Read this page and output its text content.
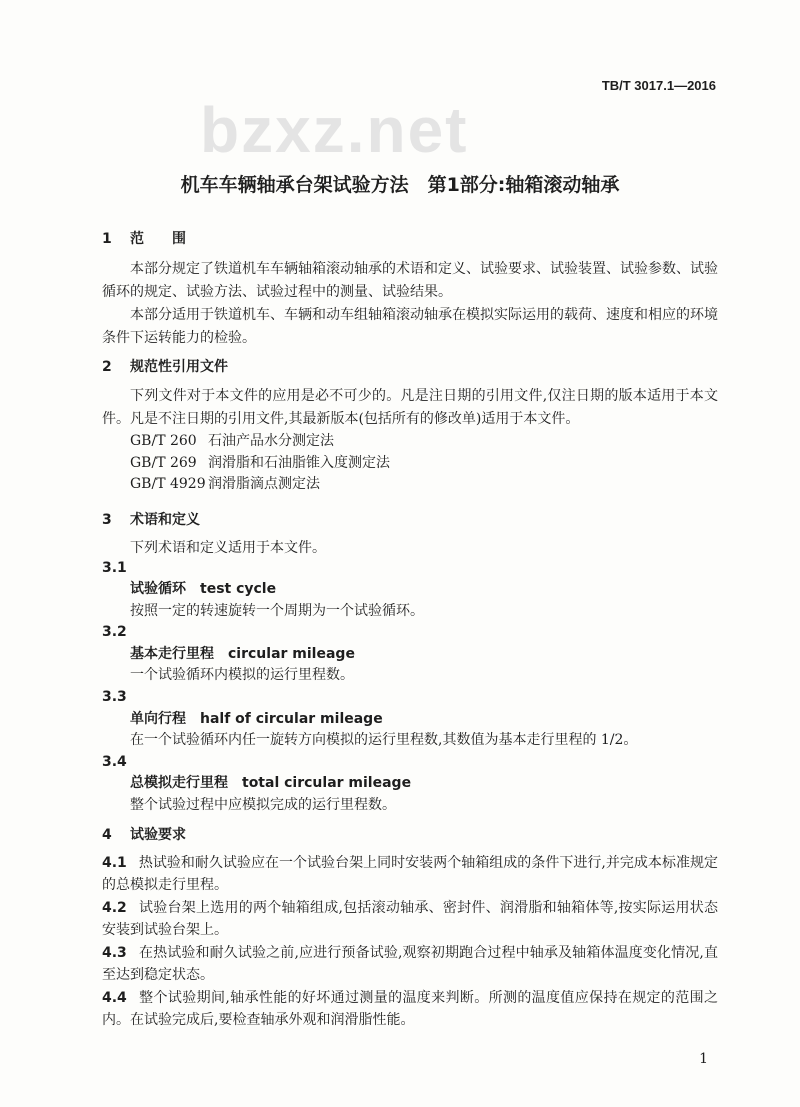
bzxz.net
TB/T 3017.1—2016
机车车辆轴承台架试验方法　第1部分:轴箱滚动轴承
1 范　　围
本部分规定了铁道机车车辆轴箱滚动轴承的术语和定义、试验要求、试验装置、试验参数、试验循环的规定、试验方法、试验过程中的测量、试验结果。
本部分适用于铁道机车、车辆和动车组轴箱滚动轴承在模拟实际运用的载荷、速度和相应的环境条件下运转能力的检验。
2 规范性引用文件
下列文件对于本文件的应用是必不可少的。凡是注日期的引用文件,仅注日期的版本适用于本文件。凡是不注日期的引用文件,其最新版本(包括所有的修改单)适用于本文件。
GB/T 260 石油产品水分测定法
GB/T 269 润滑脂和石油脂锥入度测定法
GB/T 4929 润滑脂滴点测定法
3 术语和定义
下列术语和定义适用于本文件。
3.1
试验循环 test cycle
按照一定的转速旋转一个周期为一个试验循环。
3.2
基本走行里程 circular mileage
一个试验循环内模拟的运行里程数。
3.3
单向行程 half of circular mileage
在一个试验循环内任一旋转方向模拟的运行里程数,其数值为基本走行里程的 1/2。
3.4
总模拟走行里程 total circular mileage
整个试验过程中应模拟完成的运行里程数。
4 试验要求
4.1 热试验和耐久试验应在一个试验台架上同时安装两个轴箱组成的条件下进行,并完成本标准规定的总模拟走行里程。
4.2 试验台架上选用的两个轴箱组成,包括滚动轴承、密封件、润滑脂和轴箱体等,按实际运用状态安装到试验台架上。
4.3 在热试验和耐久试验之前,应进行预备试验,观察初期跑合过程中轴承及轴箱体温度变化情况,直至达到稳定状态。
4.4 整个试验期间,轴承性能的好坏通过测量的温度来判断。所测的温度值应保持在规定的范围之内。在试验完成后,要检查轴承外观和润滑脂性能。
1
